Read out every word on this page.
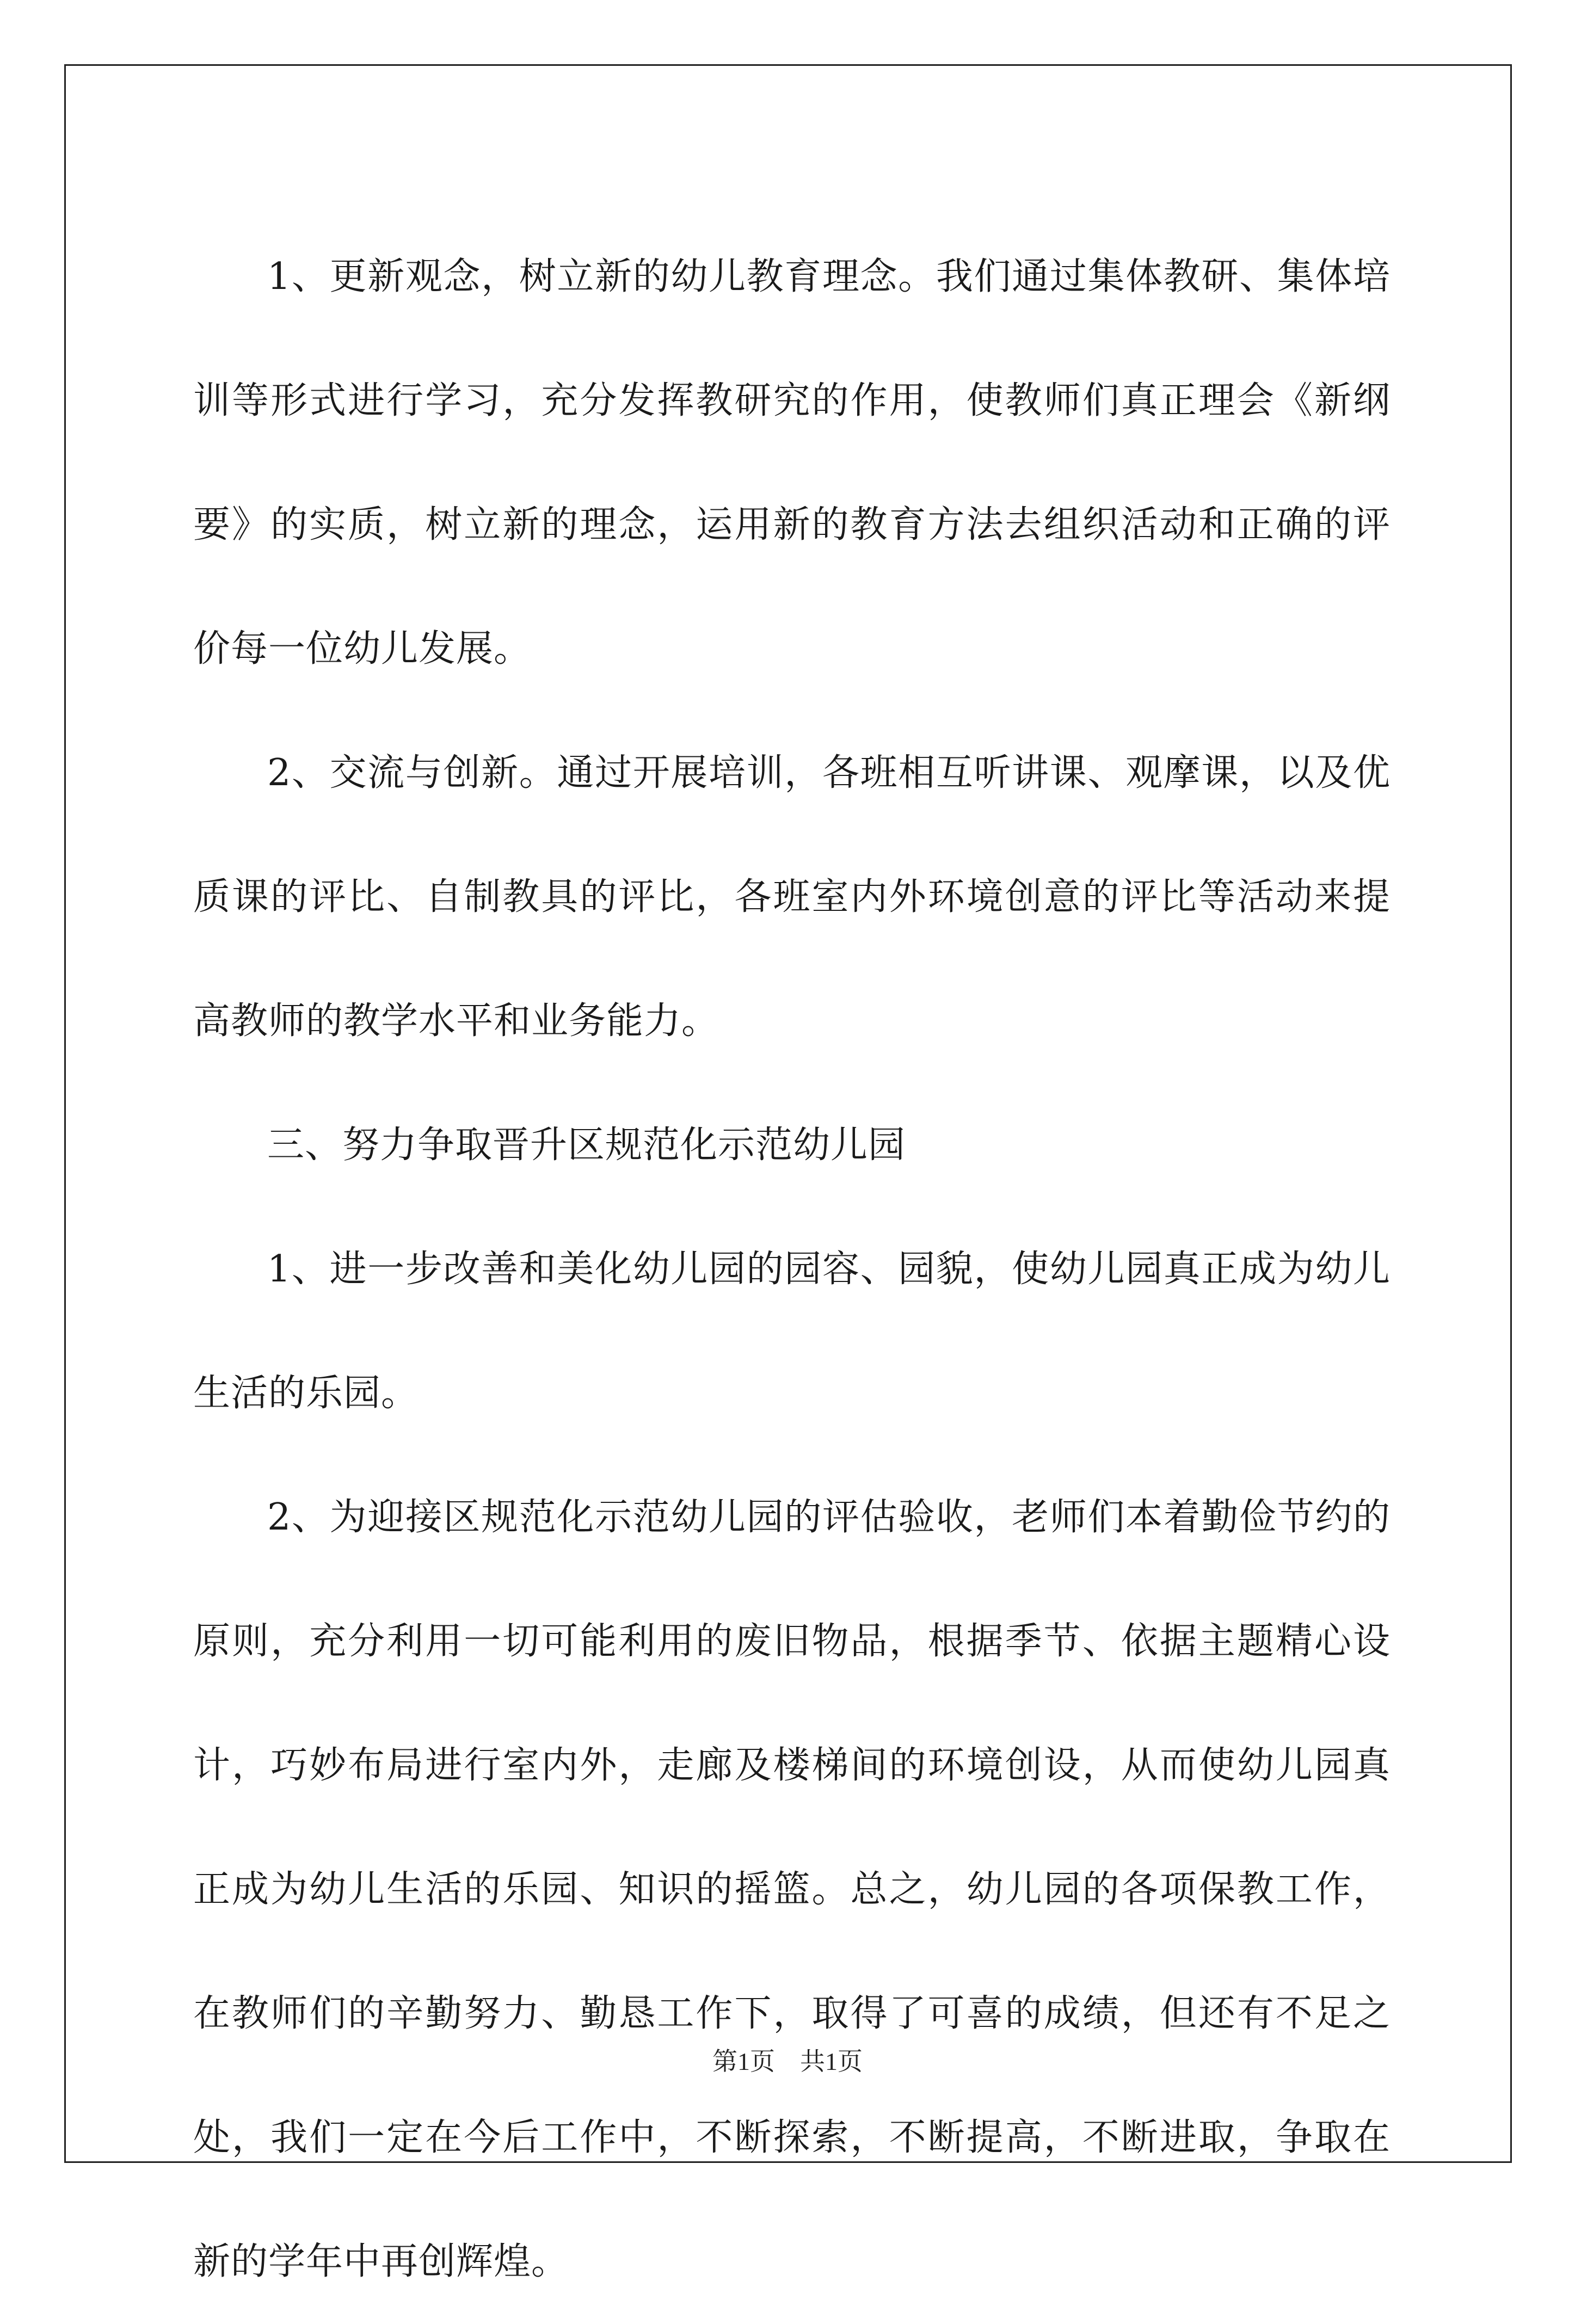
1、更新观念，树立新的幼儿教育理念。我们通过集体教研、集体培训等形式进行学习，充分发挥教研究的作用，使教师们真正理会《新纲要》的实质，树立新的理念，运用新的教育方法去组织活动和正确的评价每一位幼儿发展。

2、交流与创新。通过开展培训，各班相互听讲课、观摩课，以及优质课的评比、自制教具的评比，各班室内外环境创意的评比等活动来提高教师的教学水平和业务能力。

三、努力争取晋升区规范化示范幼儿园

1、进一步改善和美化幼儿园的园容、园貌，使幼儿园真正成为幼儿生活的乐园。

2、为迎接区规范化示范幼儿园的评估验收，老师们本着勤俭节约的原则，充分利用一切可能利用的废旧物品，根据季节、依据主题精心设计，巧妙布局进行室内外，走廊及楼梯间的环境创设，从而使幼儿园真正成为幼儿生活的乐园、知识的摇篮。总之，幼儿园的各项保教工作，在教师们的辛勤努力、勤恳工作下，取得了可喜的成绩，但还有不足之处，我们一定在今后工作中，不断探索，不断提高，不断进取，争取在新的学年中再创辉煌。

第1页　共1页
